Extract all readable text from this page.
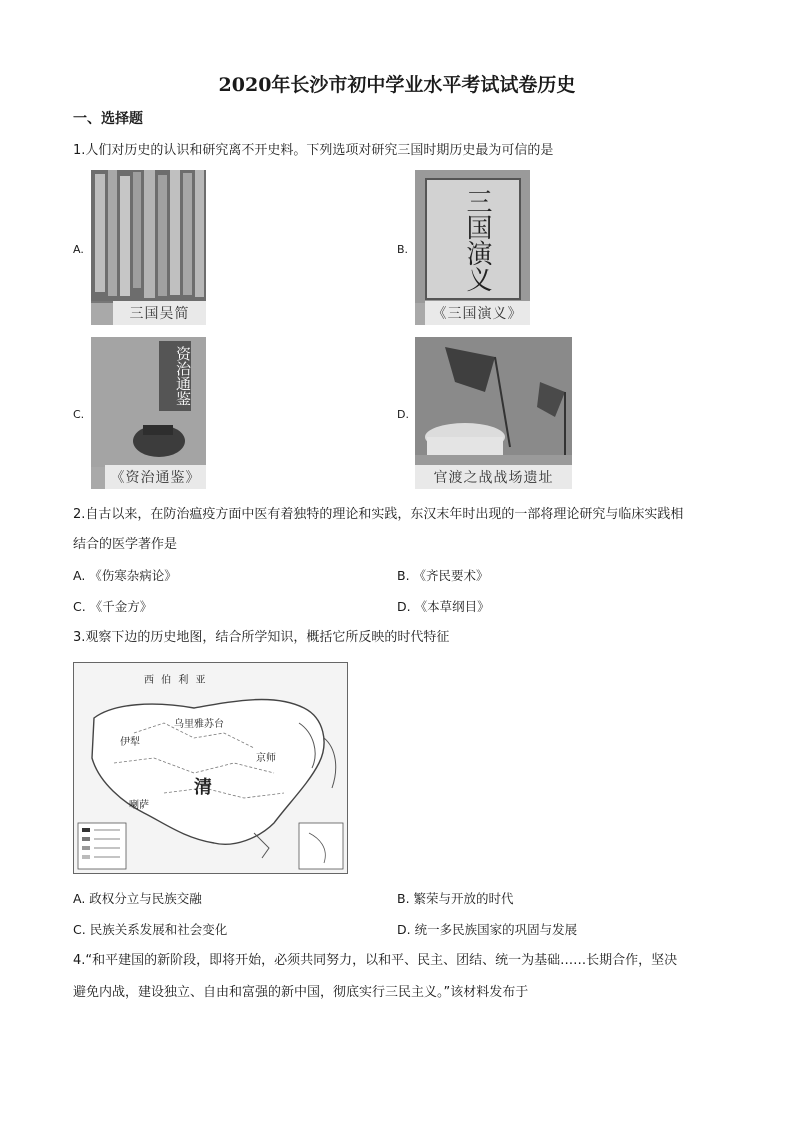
2020年长沙市初中学业水平考试试卷历史
一、选择题
1.人们对历史的认识和研究离不开史料。下列选项对研究三国时期历史最为可信的是
A.
三国吴简
B. 三国演义
《三国演义》
C.
资治通鉴
《资治通鉴》
D.
官渡之战战场遗址
2.自古以来，在防治瘟疫方面中医有着独特的理论和实践，东汉末年时出现的一部将理论研究与临床实践相
结合的医学著作是
A. 《伤寒杂病论》	B. 《齐民要术》
C. 《千金方》	D. 《本草纲目》
3.观察下边的历史地图，结合所学知识，概括它所反映的时代特征
西 伯 利 亚
乌里雅苏台
伊犁
京师
清
喇萨
A. 政权分立与民族交融	B. 繁荣与开放的时代
C. 民族关系发展和社会变化	D. 统一多民族国家的巩固与发展
4.“和平建国的新阶段，即将开始，必须共同努力，以和平、民主、团结、统一为基础……长期合作，坚决
避免内战，建设独立、自由和富强的新中国，彻底实行三民主义。”该材料发布于
